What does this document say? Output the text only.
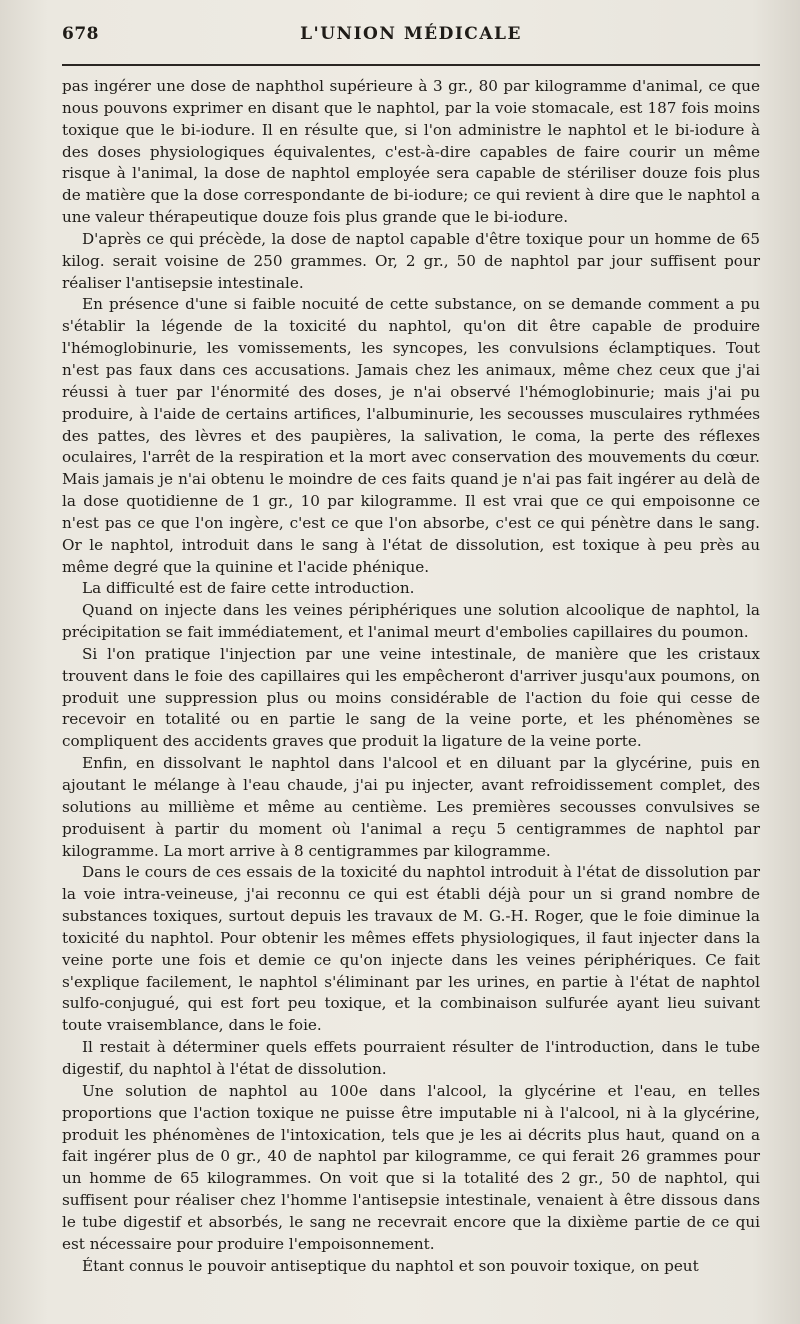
678	L'UNION MÉDICALE

pas ingérer une dose de naphthol supérieure à 3 gr., 80 par kilogramme d'animal, ce que nous pouvons exprimer en disant que le naphtol, par la voie stomacale, est 187 fois moins toxique que le bi-iodure. Il en résulte que, si l'on administre le naphtol et le bi-iodure à des doses physiologiques équivalentes, c'est-à-dire capables de faire courir un même risque à l'animal, la dose de naphtol employée sera capable de stériliser douze fois plus de matière que la dose correspondante de bi-iodure; ce qui revient à dire que le naphtol a une valeur thérapeutique douze fois plus grande que le bi-iodure.

D'après ce qui précède, la dose de naptol capable d'être toxique pour un homme de 65 kilog. serait voisine de 250 grammes. Or, 2 gr., 50 de naphtol par jour suffisent pour réaliser l'antisepsie intestinale.

En présence d'une si faible nocuité de cette substance, on se demande comment a pu s'établir la légende de la toxicité du naphtol, qu'on dit être capable de produire l'hémoglobinurie, les vomissements, les syncopes, les convulsions éclamptiques. Tout n'est pas faux dans ces accusations. Jamais chez les animaux, même chez ceux que j'ai réussi à tuer par l'énormité des doses, je n'ai observé l'hémoglobinurie; mais j'ai pu produire, à l'aide de certains artifices, l'albuminurie, les secousses musculaires rythmées des pattes, des lèvres et des paupières, la salivation, le coma, la perte des réflexes oculaires, l'arrêt de la respiration et la mort avec conservation des mouvements du cœur. Mais jamais je n'ai obtenu le moindre de ces faits quand je n'ai pas fait ingérer au delà de la dose quotidienne de 1 gr., 10 par kilogramme. Il est vrai que ce qui empoisonne ce n'est pas ce que l'on ingère, c'est ce que l'on absorbe, c'est ce qui pénètre dans le sang. Or le naphtol, introduit dans le sang à l'état de dissolution, est toxique à peu près au même degré que la quinine et l'acide phénique.

La difficulté est de faire cette introduction.

Quand on injecte dans les veines périphériques une solution alcoolique de naphtol, la précipitation se fait immédiatement, et l'animal meurt d'embolies capillaires du poumon.

Si l'on pratique l'injection par une veine intestinale, de manière que les cristaux trouvent dans le foie des capillaires qui les empêcheront d'arriver jusqu'aux poumons, on produit une suppression plus ou moins considérable de l'action du foie qui cesse de recevoir en totalité ou en partie le sang de la veine porte, et les phénomènes se compliquent des accidents graves que produit la ligature de la veine porte.

Enfin, en dissolvant le naphtol dans l'alcool et en diluant par la glycérine, puis en ajoutant le mélange à l'eau chaude, j'ai pu injecter, avant refroidissement complet, des solutions au millième et même au centième. Les premières secousses convulsives se produisent à partir du moment où l'animal a reçu 5 centigrammes de naphtol par kilogramme. La mort arrive à 8 centigrammes par kilogramme.

Dans le cours de ces essais de la toxicité du naphtol introduit à l'état de dissolution par la voie intra-veineuse, j'ai reconnu ce qui est établi déjà pour un si grand nombre de substances toxiques, surtout depuis les travaux de M. G.-H. Roger, que le foie diminue la toxicité du naphtol. Pour obtenir les mêmes effets physiologiques, il faut injecter dans la veine porte une fois et demie ce qu'on injecte dans les veines périphériques. Ce fait s'explique facilement, le naphtol s'éliminant par les urines, en partie à l'état de naphtol sulfo-conjugué, qui est fort peu toxique, et la combinaison sulfurée ayant lieu suivant toute vraisemblance, dans le foie.

Il restait à déterminer quels effets pourraient résulter de l'introduction, dans le tube digestif, du naphtol à l'état de dissolution.

Une solution de naphtol au 100e dans l'alcool, la glycérine et l'eau, en telles proportions que l'action toxique ne puisse être imputable ni à l'alcool, ni à la glycérine, produit les phénomènes de l'intoxication, tels que je les ai décrits plus haut, quand on a fait ingérer plus de 0 gr., 40 de naphtol par kilogramme, ce qui ferait 26 grammes pour un homme de 65 kilogrammes. On voit que si la totalité des 2 gr., 50 de naphtol, qui suffisent pour réaliser chez l'homme l'antisepsie intestinale, venaient à être dissous dans le tube digestif et absorbés, le sang ne recevrait encore que la dixième partie de ce qui est nécessaire pour produire l'empoisonnement.

Étant connus le pouvoir antiseptique du naphtol et son pouvoir toxique, on peut
